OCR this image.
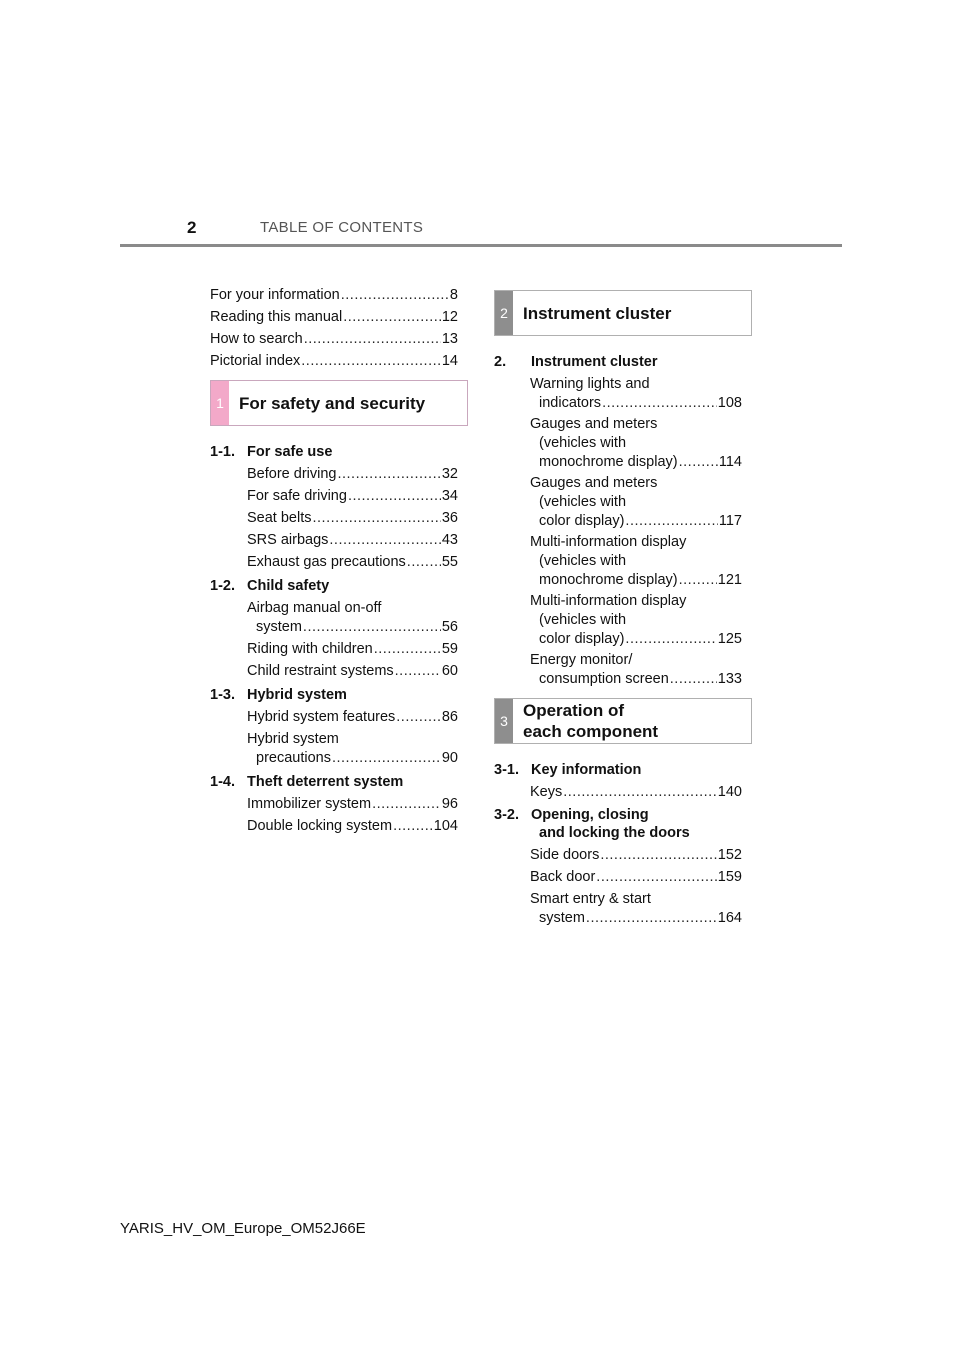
2	TABLE OF CONTENTS
For your information .....	8
Reading this manual .....	12
How to search .....	13
Pictorial index .....	14
1 For safety and security
1-1. For safe use
Before driving .....	32
For safe driving .....	34
Seat belts .....	36
SRS airbags .....	43
Exhaust gas precautions ..... 55
1-2. Child safety
Airbag manual on-off
system .....	56
Riding with children .....	59
Child restraint systems .....	60
1-3. Hybrid system
Hybrid system features .....	86
Hybrid system
precautions .....	90
1-4. Theft deterrent system
Immobilizer system .....	96
Double locking system .....	104
2 Instrument cluster
2. Instrument cluster
Warning lights and
indicators .....	108
Gauges and meters
(vehicles with
monochrome display) .....	114
Gauges and meters
(vehicles with
color display) .....	117
Multi-information display
(vehicles with
monochrome display) .....	121
Multi-information display
(vehicles with
color display) .....	125
Energy monitor/
consumption screen .....	133
3
Operation of
each component
3-1. Key information
Keys .....	140
3-2. Opening, closing
and locking the doors
Side doors .....	152
Back door .....	159
Smart entry & start
system .....	164
YARIS_HV_OM_Europe_OM52J66E
